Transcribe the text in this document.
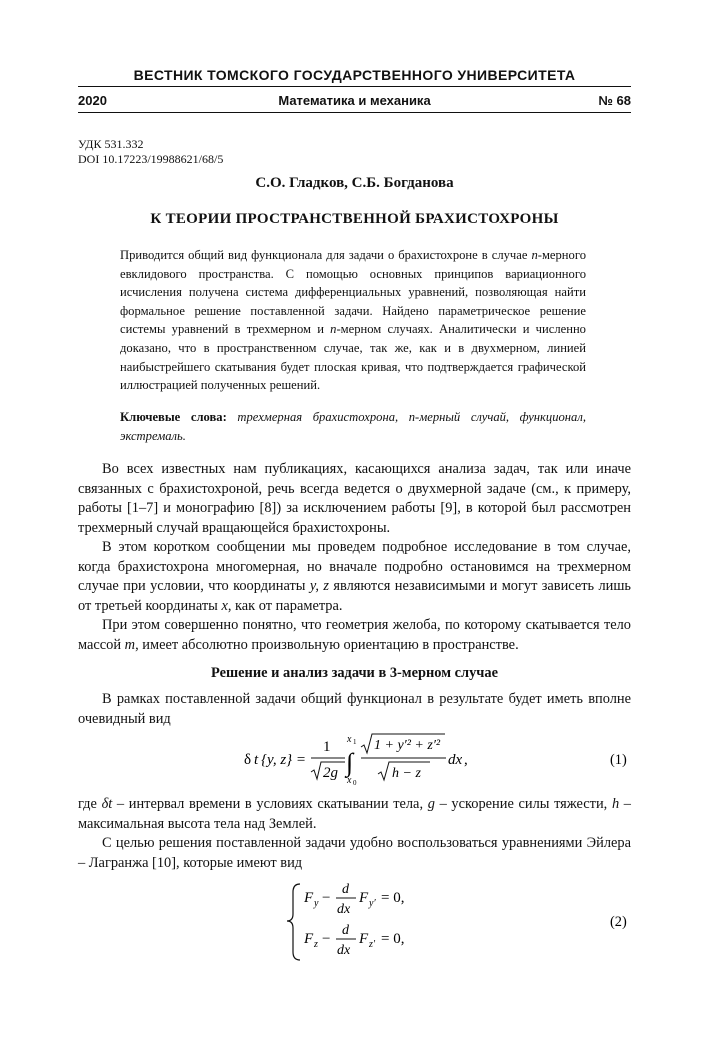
ВЕСТНИК ТОМСКОГО ГОСУДАРСТВЕННОГО УНИВЕРСИТЕТА
2020	Математика и механика	№ 68
УДК 531.332
DOI 10.17223/19988621/68/5
С.О. Гладков, С.Б. Богданова
К ТЕОРИИ ПРОСТРАНСТВЕННОЙ БРАХИСТОХРОНЫ
Приводится общий вид функционала для задачи о брахистохроне в случае n-мерного евклидового пространства. С помощью основных принципов вариационного исчисления получена система дифференциальных уравнений, позволяющая найти формальное решение поставленной задачи. Найдено параметрическое решение системы уравнений в трехмерном и n-мерном случаях. Аналитически и численно доказано, что в пространственном случае, так же, как и в двухмерном, линией наибыстрейшего скатывания будет плоская кривая, что подтверждается графической иллюстрацией полученных решений.
Ключевые слова: трехмерная брахистохрона, n-мерный случай, функционал, экстремаль.

Во всех известных нам публикациях, касающихся анализа задач, так или иначе связанных с брахистохроной, речь всегда ведется о двухмерной задаче (см., к примеру, работы [1–7] и монографию [8]) за исключением работы [9], в которой был рассмотрен трехмерный случай вращающейся брахистохроны.

В этом коротком сообщении мы проведем подробное исследование в том случае, когда брахистохрона многомерная, но вначале подробно остановимся на трехмерном случае при условии, что координаты y, z являются независимыми и могут зависеть лишь от третьей координаты x, как от параметра.

При этом совершенно понятно, что геометрия желоба, по которому скатывается тело массой m, имеет абсолютно произвольную ориентацию в пространстве.

Решение и анализ задачи в 3-мерном случае

В рамках поставленной задачи общий функционал в результате будет иметь вполне очевидный вид

δ t {y, z} =
1
2g ∫
x 1
x 0
1 + y′² + z′²
h − z
dx ,	(1)

где δt – интервал времени в условиях скатывании тела, g – ускорение силы тяжести, h – максимальная высота тела над Землей.

С целью решения поставленной задачи удобно воспользоваться уравнениями Эйлера – Лагранжа [10], которые имеют вид

F y −
d
dx
F y′ = 0,
F z −
d
dx
F z′ = 0,
(2)
